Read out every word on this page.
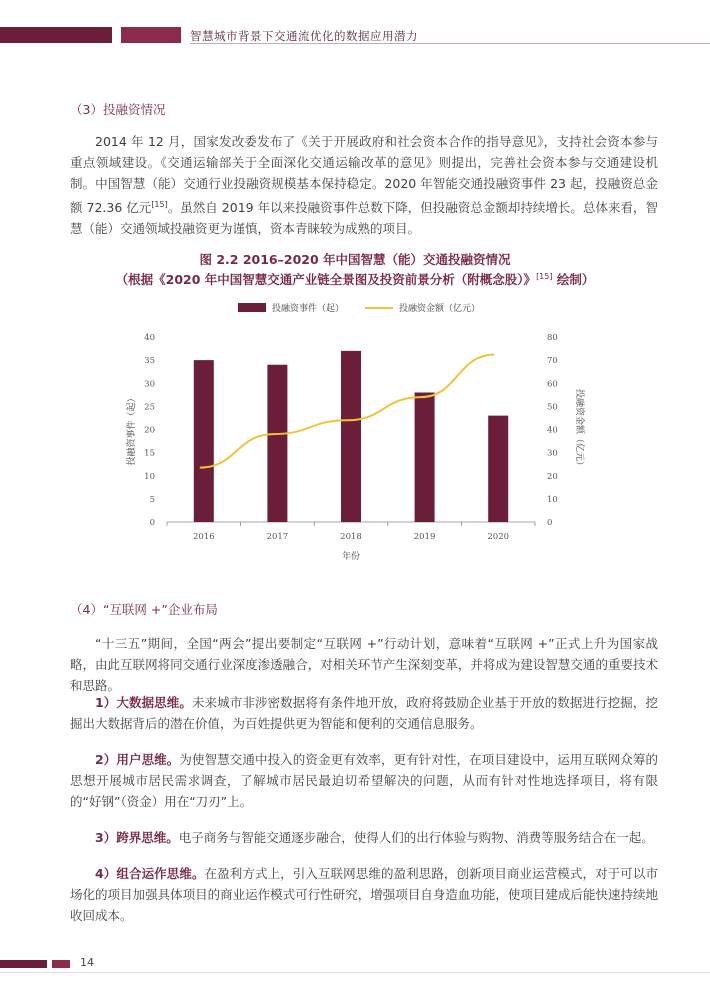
智慧城市背景下交通流优化的数据应用潜力
（3）投融资情况
2014 年 12 月，国家发改委发布了《关于开展政府和社会资本合作的指导意见》，支持社会资本参与重点领域建设。《交通运输部关于全面深化交通运输改革的意见》则提出，完善社会资本参与交通建设机制。中国智慧（能）交通行业投融资规模基本保持稳定。2020 年智能交通投融资事件 23 起，投融资总金额 72.36 亿元[15]。虽然自 2019 年以来投融资事件总数下降，但投融资总金额却持续增长。总体来看，智慧（能）交通领域投融资更为谨慎，资本青睐较为成熟的项目。
图 2.2 2016–2020 年中国智慧（能）交通投融资情况
（根据《2020 年中国智慧交通产业链全景图及投资前景分析（附概念股）》[15] 绘制）
投融资事件（起）	投融资金额（亿元）
0
5
10
15
20
25
30
35
40
0
10
20
30
40
50
60
70
80
2016	2017	2018	2019	2020
年份
投融资事件（起）	投融资金额（亿元）
（4）“互联网 +”企业布局
“十三五”期间，全国“两会”提出要制定“互联网 +”行动计划，意味着“互联网 +”正式上升为国家战略，由此互联网将同交通行业深度渗透融合，对相关环节产生深刻变革，并将成为建设智慧交通的重要技术和思路。
1）大数据思维。未来城市非涉密数据将有条件地开放，政府将鼓励企业基于开放的数据进行挖掘，挖掘出大数据背后的潜在价值，为百姓提供更为智能和便利的交通信息服务。
2）用户思维。为使智慧交通中投入的资金更有效率，更有针对性，在项目建设中，运用互联网众筹的思想开展城市居民需求调查，了解城市居民最迫切希望解决的问题，从而有针对性地选择项目，将有限的“好钢”（资金）用在“刀刃”上。
3）跨界思维。电子商务与智能交通逐步融合，使得人们的出行体验与购物、消费等服务结合在一起。
4）组合运作思维。在盈利方式上，引入互联网思维的盈利思路，创新项目商业运营模式，对于可以市场化的项目加强具体项目的商业运作模式可行性研究，增强项目自身造血功能，使项目建成后能快速持续地收回成本。
14
